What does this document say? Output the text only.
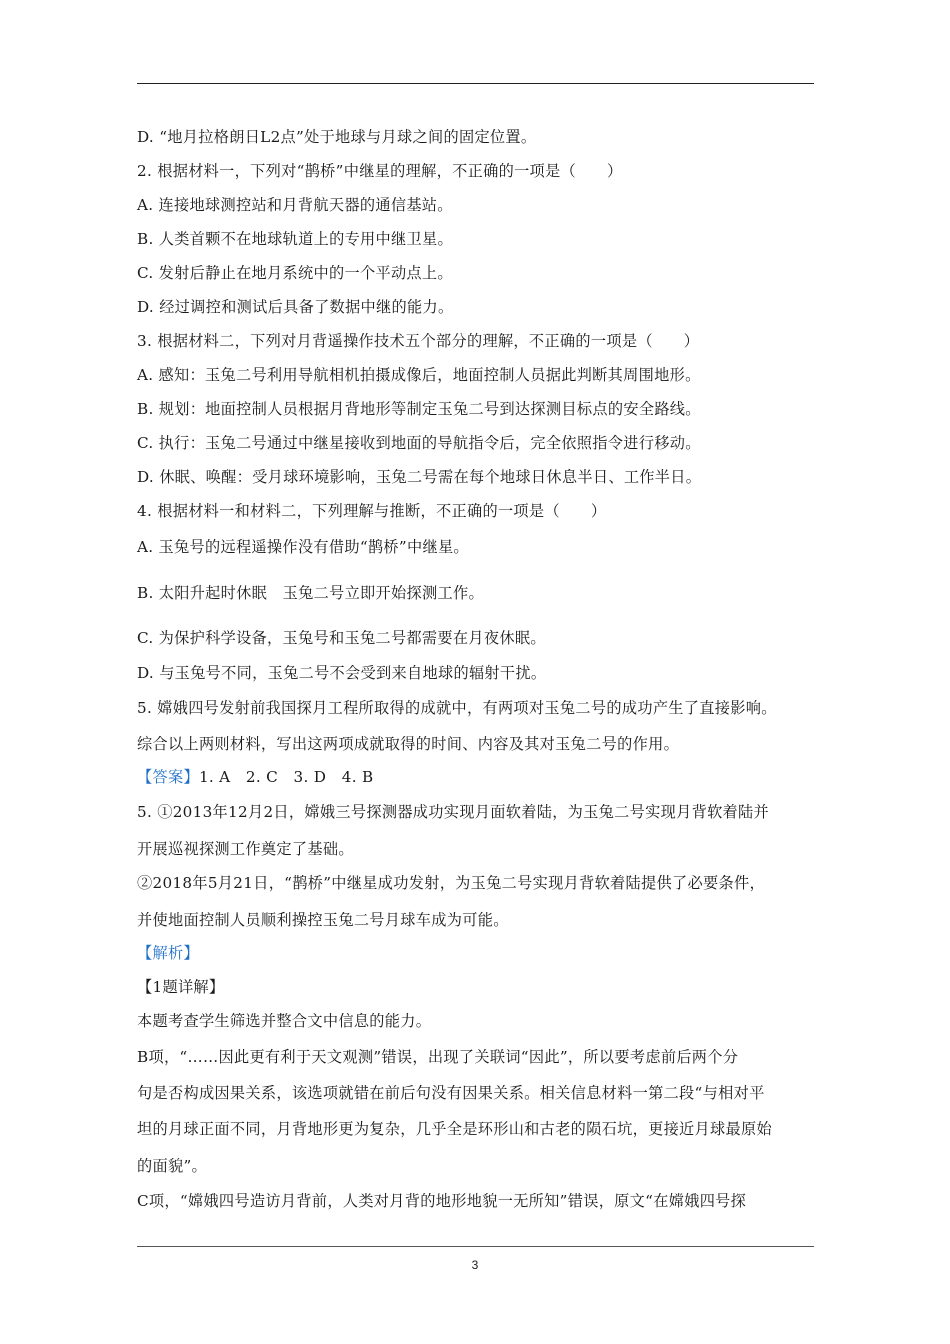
D. “地月拉格朗日L2点”处于地球与月球之间的固定位置。
2. 根据材料一，下列对“鹊桥”中继星的理解，不正确的一项是（　　）
A. 连接地球测控站和月背航天器的通信基站。
B. 人类首颗不在地球轨道上的专用中继卫星。
C. 发射后静止在地月系统中的一个平动点上。
D. 经过调控和测试后具备了数据中继的能力。
3. 根据材料二，下列对月背遥操作技术五个部分的理解，不正确的一项是（　　）
A. 感知：玉兔二号利用导航相机拍摄成像后，地面控制人员据此判断其周围地形。
B. 规划：地面控制人员根据月背地形等制定玉兔二号到达探测目标点的安全路线。
C. 执行：玉兔二号通过中继星接收到地面的导航指令后，完全依照指令进行移动。
D. 休眠、唤醒：受月球环境影响，玉兔二号需在每个地球日休息半日、工作半日。
4. 根据材料一和材料二，下列理解与推断，不正确的一项是（　　）
A. 玉兔号的远程遥操作没有借助“鹊桥”中继星。
B. 太阳升起时休眠　玉兔二号立即开始探测工作。
C. 为保护科学设备，玉兔号和玉兔二号都需要在月夜休眠。
D. 与玉兔号不同，玉兔二号不会受到来自地球的辐射干扰。
5. 嫦娥四号发射前我国探月工程所取得的成就中，有两项对玉兔二号的成功产生了直接影响。
综合以上两则材料，写出这两项成就取得的时间、内容及其对玉兔二号的作用。
【答案】1. A　2. C　3. D　4. B
5. ①2013年12月2日，嫦娥三号探测器成功实现月面软着陆，为玉兔二号实现月背软着陆并
开展巡视探测工作奠定了基础。
②2018年5月21日，“鹊桥”中继星成功发射，为玉兔二号实现月背软着陆提供了必要条件，
并使地面控制人员顺利操控玉兔二号月球车成为可能。
【解析】
【1题详解】
本题考查学生筛选并整合文中信息的能力。
B项，“……因此更有利于天文观测”错误，出现了关联词“因此”，所以要考虑前后两个分
句是否构成因果关系，该选项就错在前后句没有因果关系。相关信息材料一第二段“与相对平
坦的月球正面不同，月背地形更为复杂，几乎全是环形山和古老的陨石坑，更接近月球最原始
的面貌”。
C项，“嫦娥四号造访月背前，人类对月背的地形地貌一无所知”错误，原文“在嫦娥四号探
3
